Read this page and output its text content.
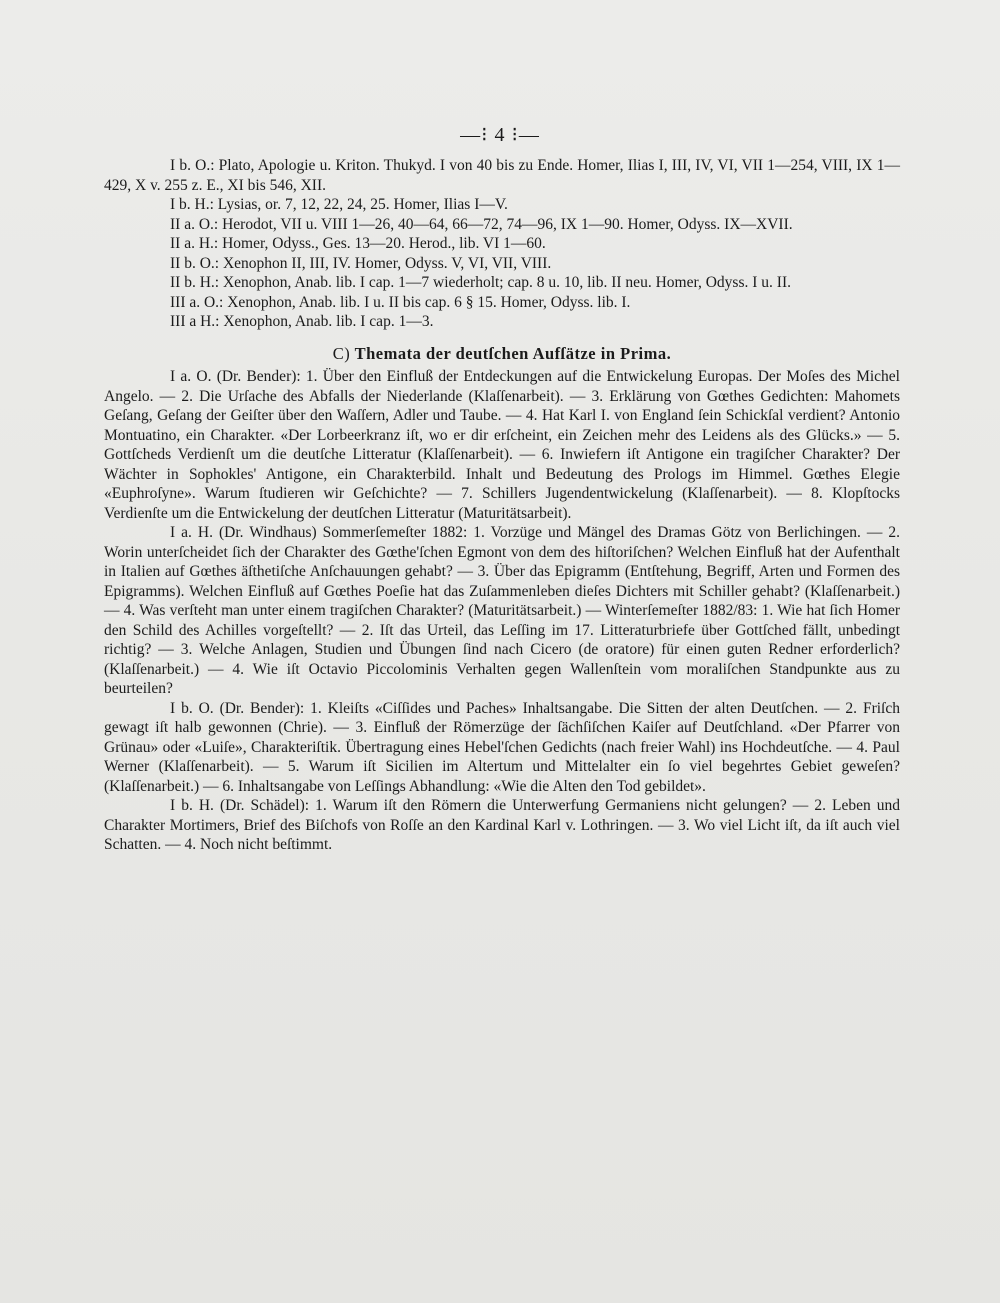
—⁝ 4 ⁝—

I b. O.: Plato, Apologie u. Kriton. Thukyd. I von 40 bis zu Ende. Homer, Ilias I, III, IV, VI, VII 1—254, VIII, IX 1—429, X v. 255 z. E., XI bis 546, XII.

I b. H.: Lysias, or. 7, 12, 22, 24, 25. Homer, Ilias I—V.

II a. O.: Herodot, VII u. VIII 1—26, 40—64, 66—72, 74—96, IX 1—90. Homer, Odyss. IX—XVII.

II a. H.: Homer, Odyss., Ges. 13—20. Herod., lib. VI 1—60.

II b. O.: Xenophon II, III, IV. Homer, Odyss. V, VI, VII, VIII.

II b. H.: Xenophon, Anab. lib. I cap. 1—7 wiederholt; cap. 8 u. 10, lib. II neu. Homer, Odyss. I u. II.

III a. O.: Xenophon, Anab. lib. I u. II bis cap. 6 § 15. Homer, Odyss. lib. I.

III a H.: Xenophon, Anab. lib. I cap. 1—3.

C) Themata der deutſchen Aufſätze in Prima.

I a. O. (Dr. Bender): 1. Über den Einfluß der Entdeckungen auf die Entwickelung Europas. Der Moſes des Michel Angelo. — 2. Die Urſache des Abfalls der Niederlande (Klaſſenarbeit). — 3. Erklärung von Gœthes Gedichten: Mahomets Geſang, Geſang der Geiſter über den Waſſern, Adler und Taube. — 4. Hat Karl I. von England ſein Schickſal verdient? Antonio Montuatino, ein Charakter. «Der Lorbeerkranz iſt, wo er dir erſcheint, ein Zeichen mehr des Leidens als des Glücks.» — 5. Gottſcheds Verdienſt um die deutſche Litteratur (Klaſſenarbeit). — 6. Inwiefern iſt Antigone ein tragiſcher Charakter? Der Wächter in Sophokles' Antigone, ein Charakterbild. Inhalt und Bedeutung des Prologs im Himmel. Gœthes Elegie «Euphroſyne». Warum ſtudieren wir Geſchichte? — 7. Schillers Jugendentwickelung (Klaſſenarbeit). — 8. Klopſtocks Verdienſte um die Entwickelung der deutſchen Litteratur (Maturitätsarbeit).

I a. H. (Dr. Windhaus) Sommerſemeſter 1882: 1. Vorzüge und Mängel des Dramas Götz von Berlichingen. — 2. Worin unterſcheidet ſich der Charakter des Gœthe'ſchen Egmont von dem des hiſtoriſchen? Welchen Einfluß hat der Aufenthalt in Italien auf Gœthes äſthetiſche Anſchauungen gehabt? — 3. Über das Epigramm (Entſtehung, Begriff, Arten und Formen des Epigramms). Welchen Einfluß auf Gœthes Poeſie hat das Zuſammenleben dieſes Dichters mit Schiller gehabt? (Klaſſenarbeit.) — 4. Was verſteht man unter einem tragiſchen Charakter? (Maturitätsarbeit.) — Winterſemeſter 1882/83: 1. Wie hat ſich Homer den Schild des Achilles vorgeſtellt? — 2. Iſt das Urteil, das Leſſing im 17. Litteraturbriefe über Gottſched fällt, unbedingt richtig? — 3. Welche Anlagen, Studien und Übungen ſind nach Cicero (de oratore) für einen guten Redner erforderlich? (Klaſſenarbeit.) — 4. Wie iſt Octavio Piccolominis Verhalten gegen Wallenſtein vom moraliſchen Standpunkte aus zu beurteilen?

I b. O. (Dr. Bender): 1. Kleiſts «Ciſſides und Paches» Inhaltsangabe. Die Sitten der alten Deutſchen. — 2. Friſch gewagt iſt halb gewonnen (Chrie). — 3. Einfluß der Römerzüge der ſächſiſchen Kaiſer auf Deutſchland. «Der Pfarrer von Grünau» oder «Luiſe», Charakteriſtik. Übertragung eines Hebel'ſchen Gedichts (nach freier Wahl) ins Hochdeutſche. — 4. Paul Werner (Klaſſenarbeit). — 5. Warum iſt Sicilien im Altertum und Mittelalter ein ſo viel begehrtes Gebiet geweſen? (Klaſſenarbeit.) — 6. Inhaltsangabe von Leſſings Abhandlung: «Wie die Alten den Tod gebildet».

I b. H. (Dr. Schädel): 1. Warum iſt den Römern die Unterwerfung Germaniens nicht gelungen? — 2. Leben und Charakter Mortimers, Brief des Biſchofs von Roſſe an den Kardinal Karl v. Lothringen. — 3. Wo viel Licht iſt, da iſt auch viel Schatten. — 4. Noch nicht beſtimmt.
